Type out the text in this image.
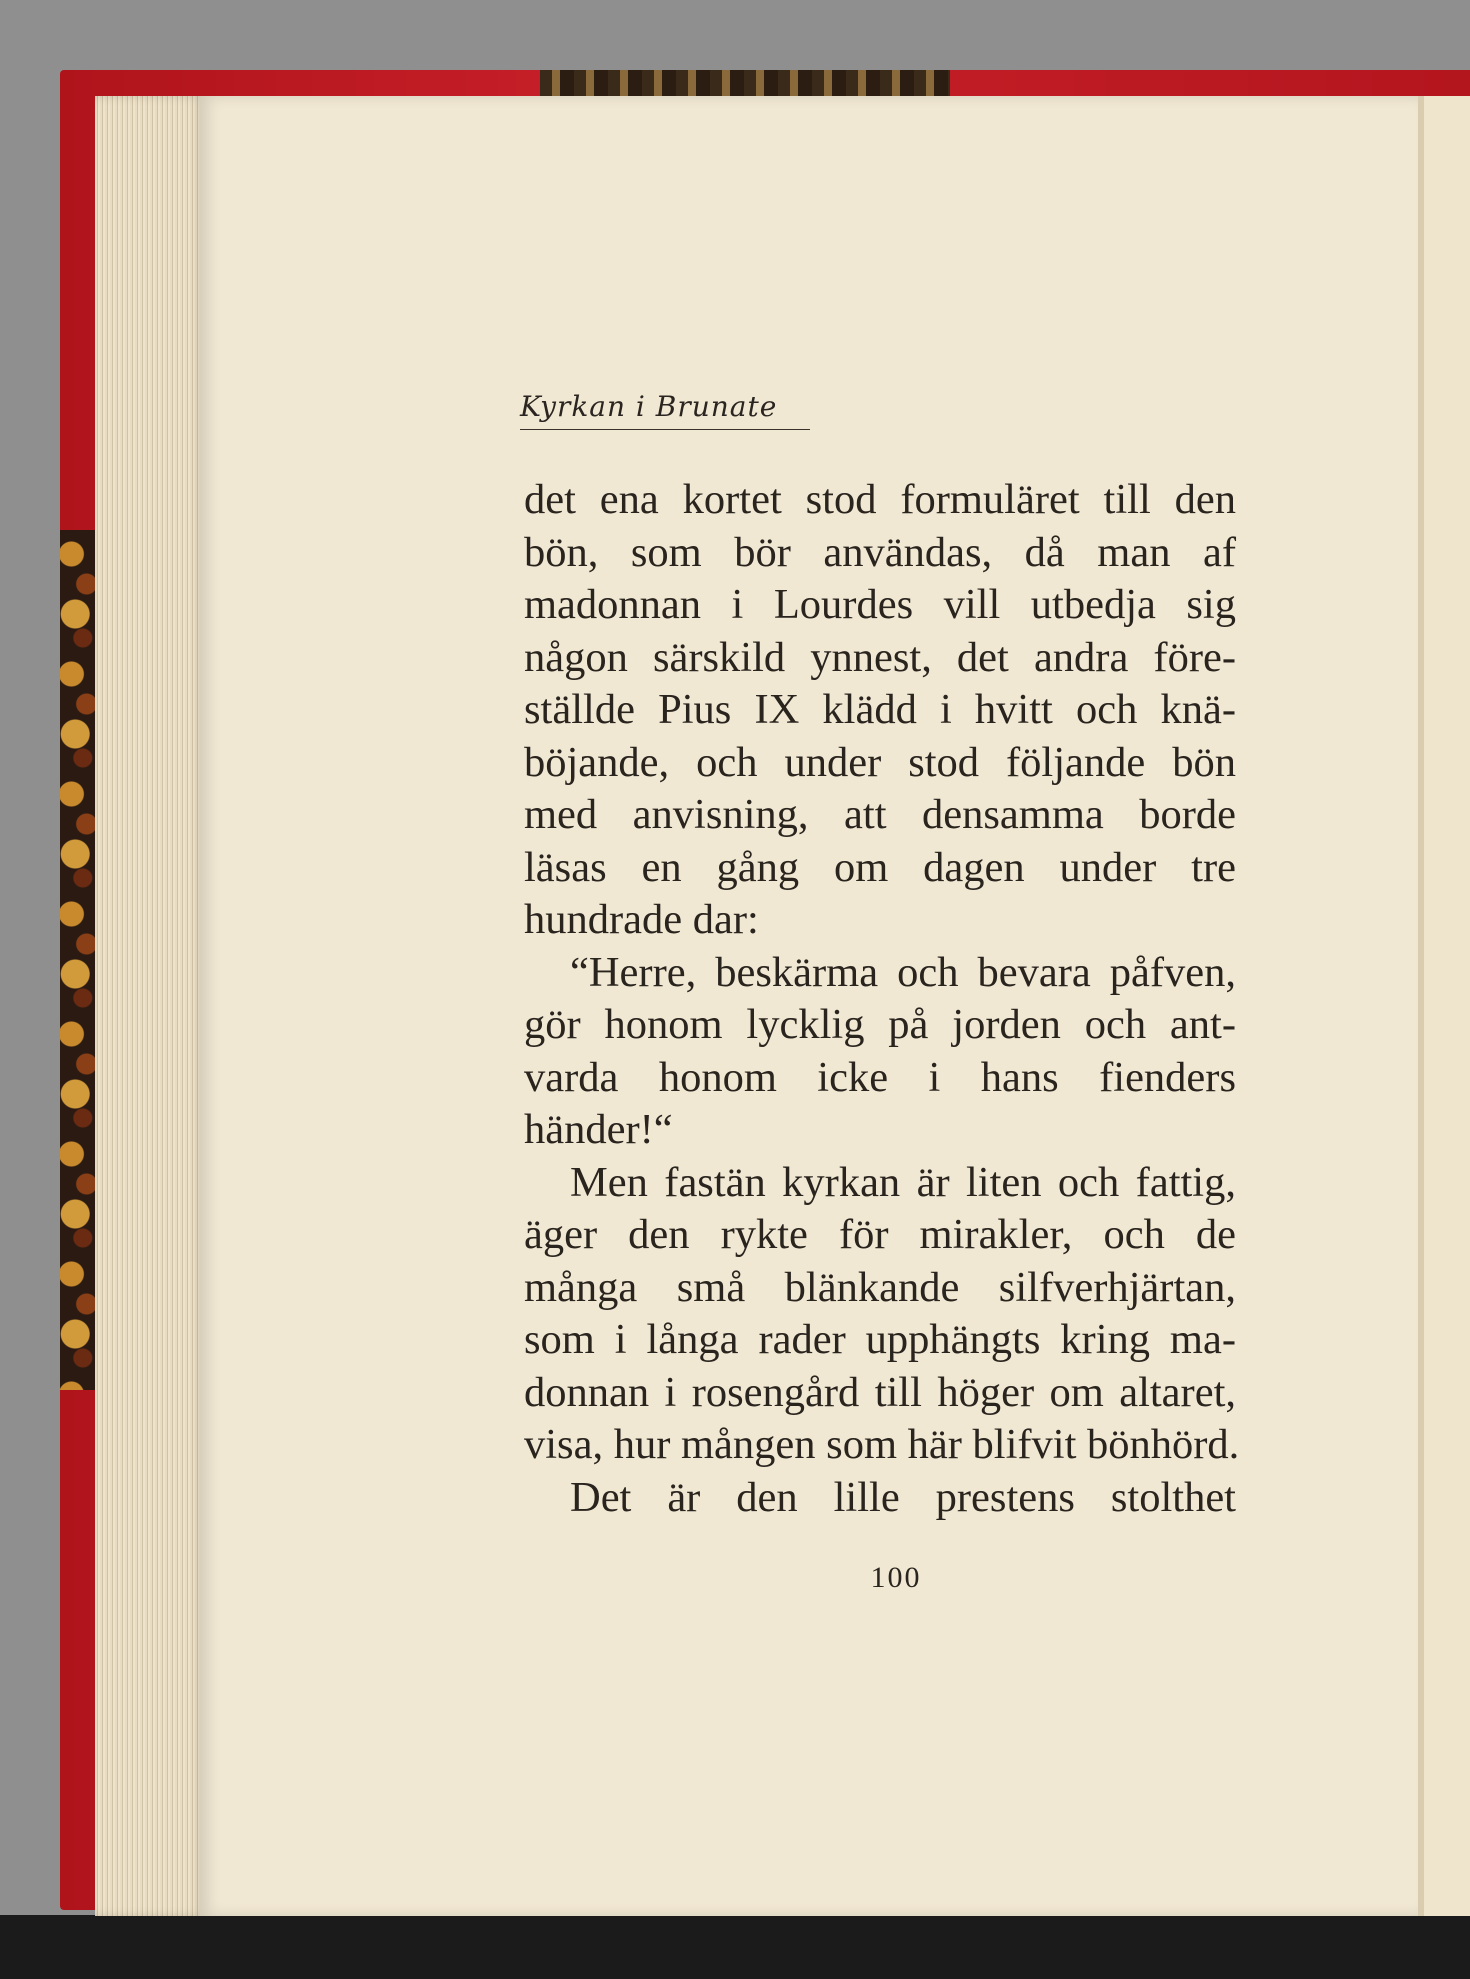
Kyrkan i Brunate
det ena kortet stod formuläret till den
bön, som bör användas, då man af
madonnan i Lourdes vill utbedja sig
någon särskild ynnest, det andra före-
ställde Pius IX klädd i hvitt och knä-
böjande, och under stod följande bön
med anvisning, att densamma borde
läsas en gång om dagen under tre
hundrade dar:
“Herre, beskärma och bevara påfven,
gör honom lycklig på jorden och ant-
varda honom icke i hans fienders
händer!“
Men fastän kyrkan är liten och fattig,
äger den rykte för mirakler, och de
många små blänkande silfverhjärtan,
som i långa rader upphängts kring ma-
donnan i rosengård till höger om altaret,
visa, hur mången som här blifvit bönhörd.
Det är den lille prestens stolthet
100
